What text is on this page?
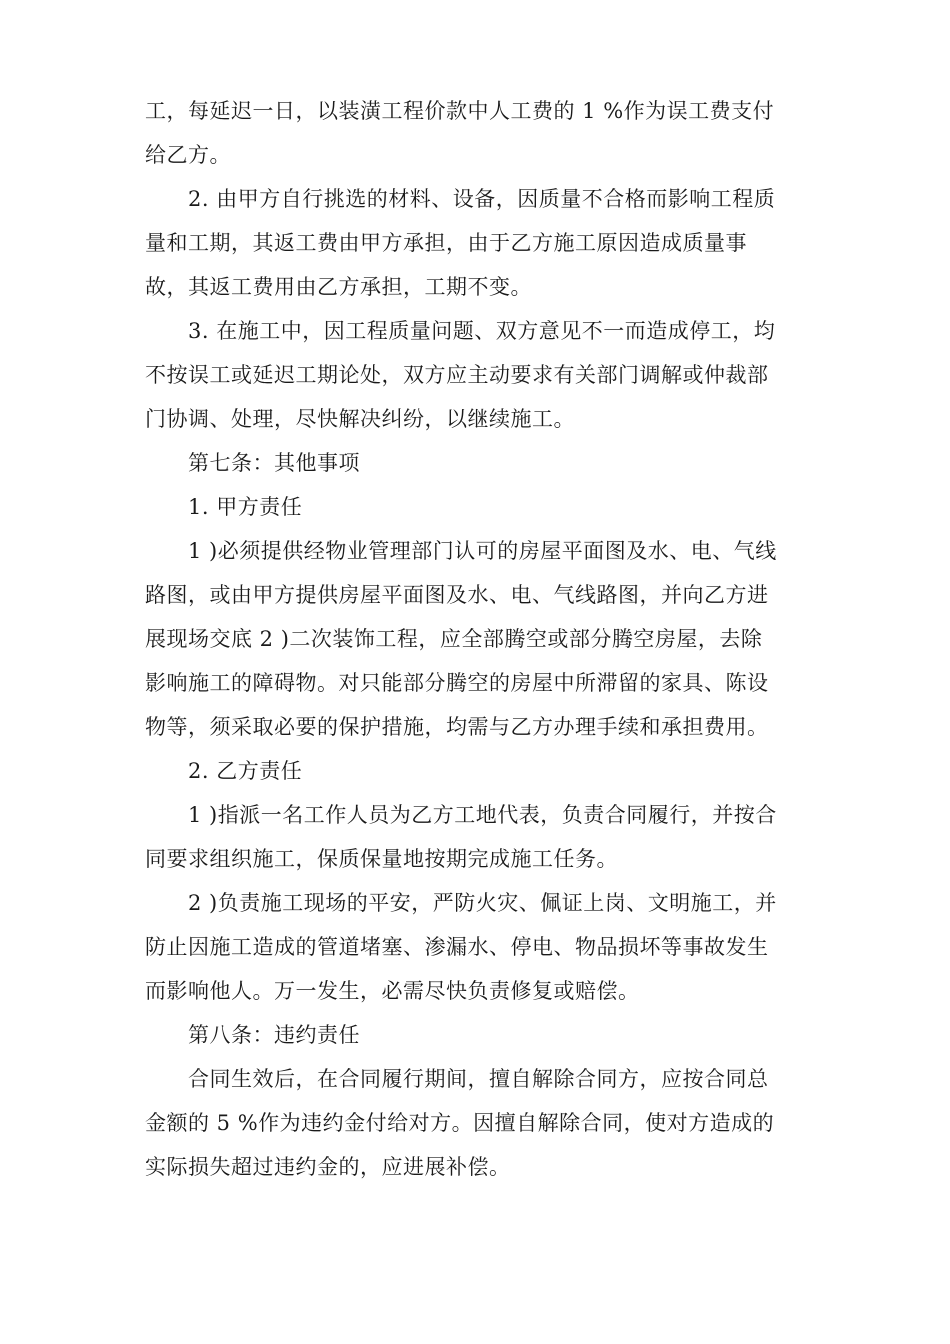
工，每延迟一日，以装潢工程价款中人工费的 1 %作为误工费支付

给乙方。

2. 由甲方自行挑选的材料、设备，因质量不合格而影响工程质

量和工期，其返工费由甲方承担，由于乙方施工原因造成质量事

故，其返工费用由乙方承担，工期不变。

3. 在施工中，因工程质量问题、双方意见不一而造成停工，均

不按误工或延迟工期论处，双方应主动要求有关部门调解或仲裁部

门协调、处理，尽快解决纠纷，以继续施工。

第七条：其他事项

1. 甲方责任

1 )必须提供经物业管理部门认可的房屋平面图及水、电、气线

路图，或由甲方提供房屋平面图及水、电、气线路图，并向乙方进

展现场交底 2 )二次装饰工程，应全部腾空或部分腾空房屋，去除

影响施工的障碍物。对只能部分腾空的房屋中所滞留的家具、陈设

物等，须采取必要的保护措施，均需与乙方办理手续和承担费用。

2. 乙方责任

1 )指派一名工作人员为乙方工地代表，负责合同履行，并按合

同要求组织施工，保质保量地按期完成施工任务。

2 )负责施工现场的平安，严防火灾、佩证上岗、文明施工，并

防止因施工造成的管道堵塞、渗漏水、停电、物品损坏等事故发生

而影响他人。万一发生，必需尽快负责修复或赔偿。

第八条：违约责任

合同生效后，在合同履行期间，擅自解除合同方，应按合同总

金额的 5 %作为违约金付给对方。因擅自解除合同，使对方造成的

实际损失超过违约金的，应进展补偿。
